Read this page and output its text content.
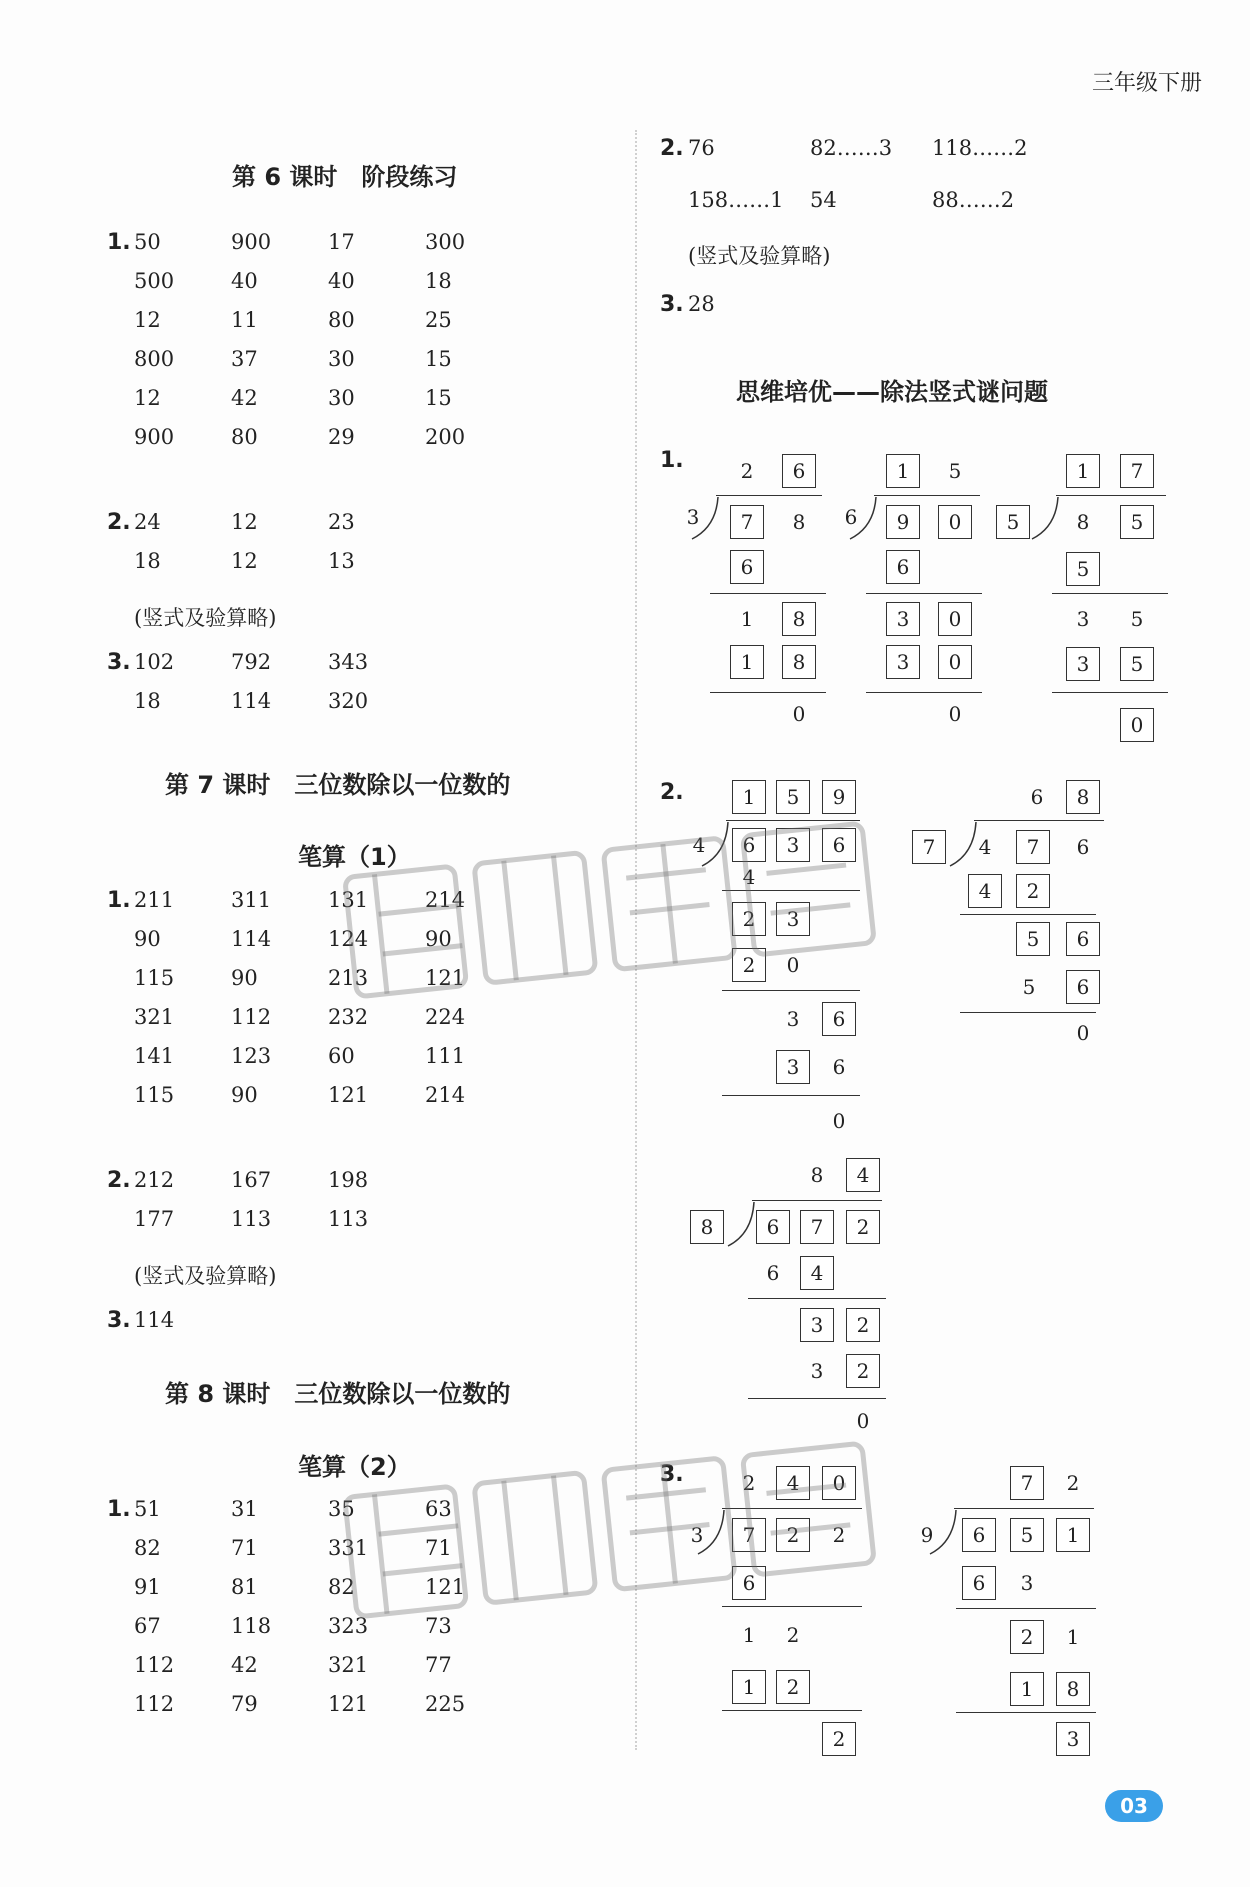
三年级下册
第 6 课时　阶段练习
1. 50	900	17	300
500	40	40	18
12	11	80	25
800	37	30	15
12	42	30	15
900	80	29	200
2. 24	12	23
18	12	13
(竖式及验算略)
3. 102	792	343
18	114	320
第 7 课时　三位数除以一位数的
笔算（1）
1. 211	311	131	214
90	114	124	90
115	90	213	121
321	112	232	224
141	123	60	111
115	90	121	214
2. 212	167	198
177	113	113
(竖式及验算略)
3. 114
第 8 课时　三位数除以一位数的
笔算（2）
1. 51	31	35	63
82	71	331	71
91	81	82	121
67	118	323	73
112	42	321	77
112	79	121	225
2. 76	82……3	118……2
158……1	54	88……2
(竖式及验算略)
3. 28
思维培优——除法竖式谜问题
1.
2.
3.
2	6
3	7	8
6
1	8
1	8
0
1	5
6	9	0
6
3	0
3	0
0
1	7
5	8	5
5
3	5
3	5
0
1	5	9
4	6	3	6
4
2	3
2	0
3	6
3	6
0
6	8
7	4	7	6
4	2
5	6
5	6
0
8	4
8	6	7	2
6	4
3	2
3	2
0
2	4	0
3	7	2	2
6
1	2
1	2
2
7	2
9	6	5	1
6	3
2	1
1	8
3
03
